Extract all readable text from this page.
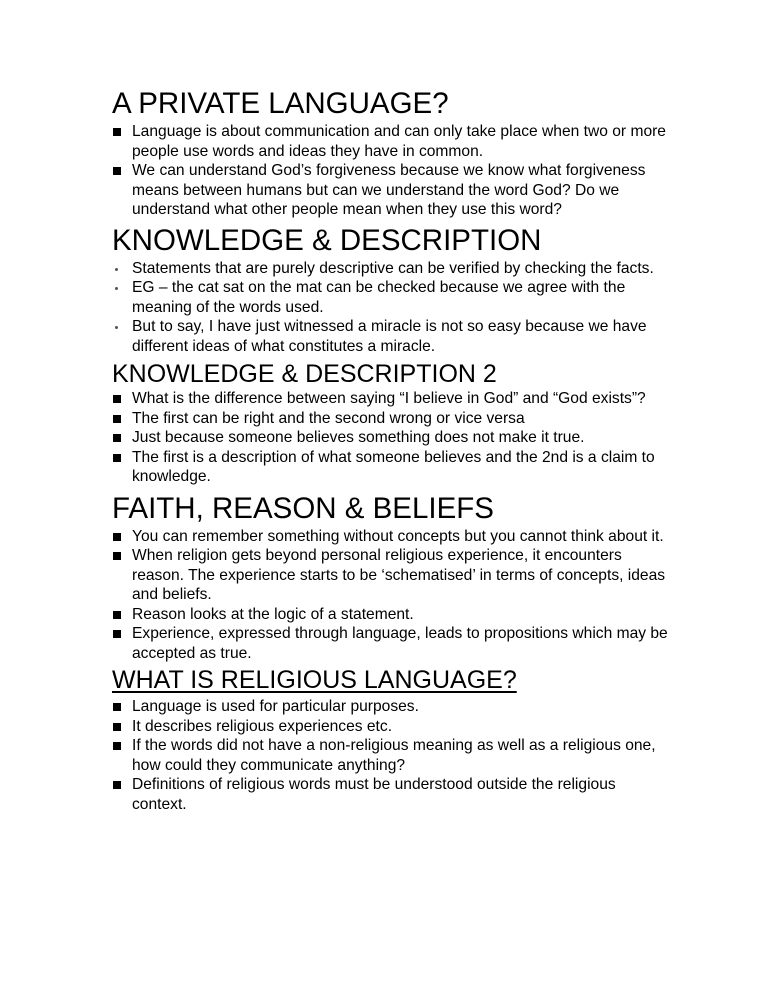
A PRIVATE LANGUAGE?
Language is about communication and can only take place when two or more people use words and ideas they have in common.
We can understand God’s forgiveness because we know what forgiveness means between humans but can we understand the word God? Do we understand what other people mean when they use this word?
KNOWLEDGE & DESCRIPTION
Statements that are purely descriptive can be verified by checking the facts.
EG – the cat sat on the mat can be checked because we agree with the meaning of the words used.
But to say, I have just witnessed a miracle is not so easy because we have different ideas of what constitutes a miracle.
KNOWLEDGE & DESCRIPTION 2
What is the difference between saying “I believe in God” and “God exists”?
The first can be right and the second wrong or vice versa
Just because someone believes something does not make it true.
The first is a description of what someone believes and the 2nd is a claim to knowledge.
FAITH, REASON & BELIEFS
You can remember something without concepts but you cannot think about it.
When religion gets beyond personal religious experience, it encounters reason. The experience starts to be ‘schematised’ in terms of concepts, ideas and beliefs.
Reason looks at the logic of a statement.
Experience, expressed through language, leads to propositions which may be accepted as true.
WHAT IS RELIGIOUS LANGUAGE?
Language is used for particular purposes.
It describes religious experiences etc.
If the words did not have a non-religious meaning as well as a religious one, how could they communicate anything?
Definitions of religious words must be understood outside the religious context.
